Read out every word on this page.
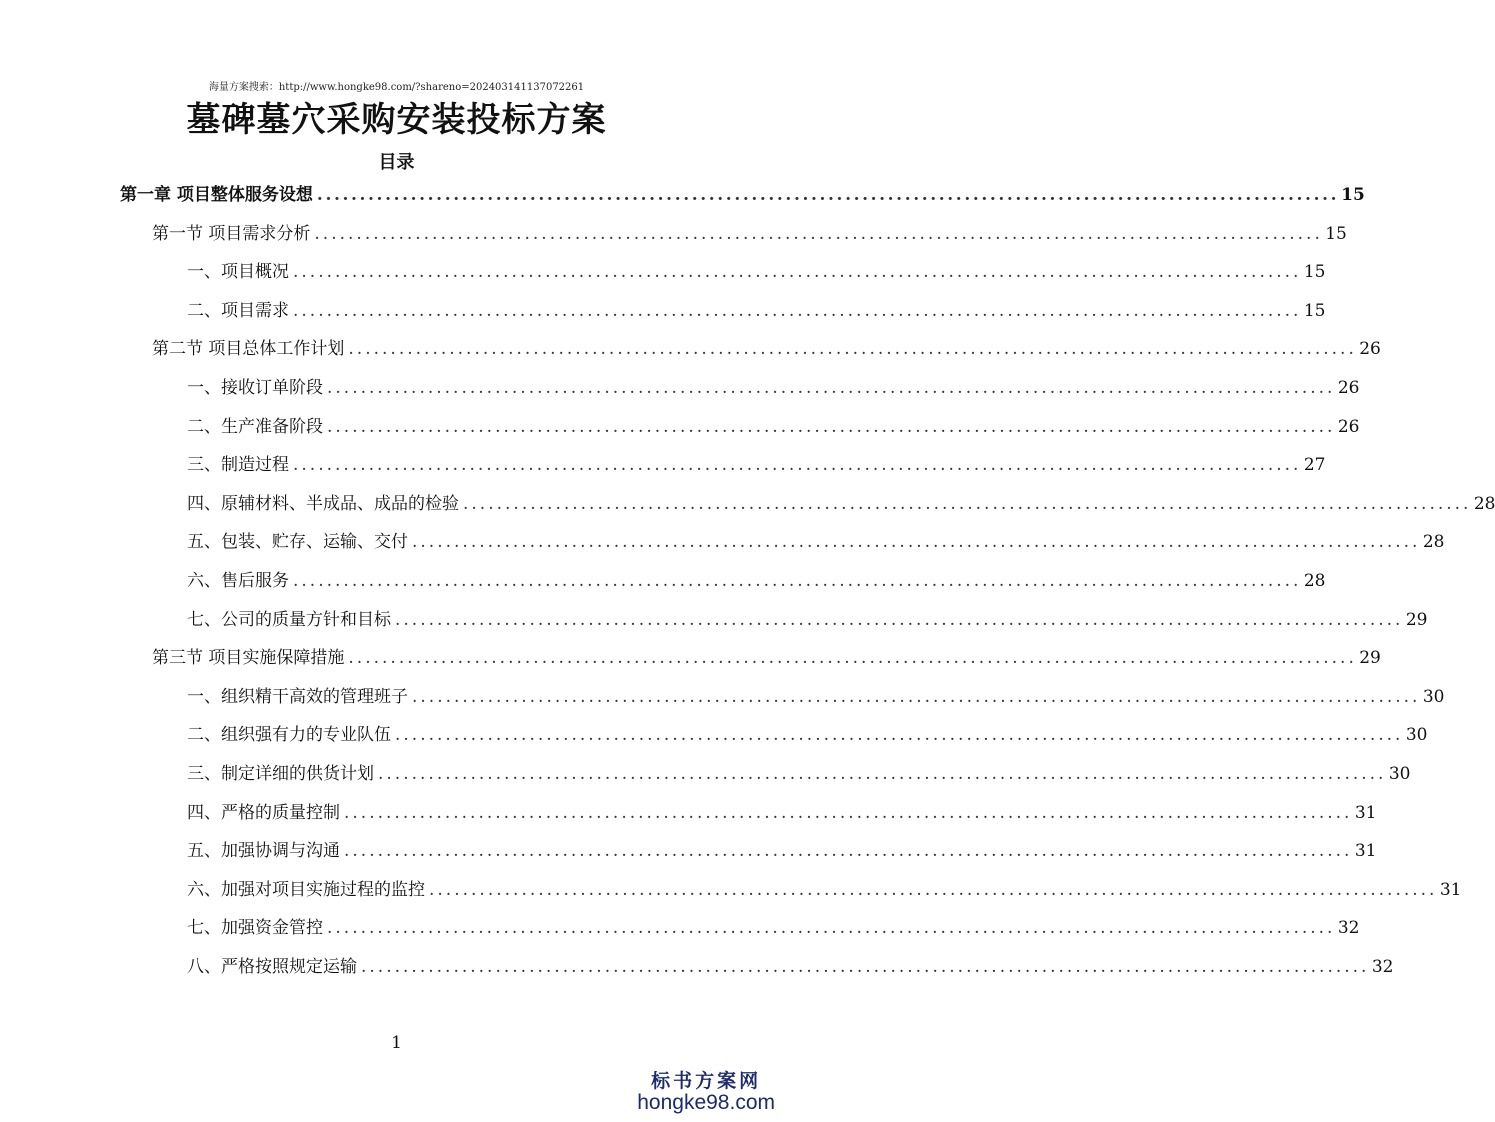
海量方案搜索：http://www.hongke98.com/?shareno=202403141137072261
墓碑墓穴采购安装投标方案
目录
第一章 项目整体服务设想 ........................................................................................................................ 15
第一节 项目需求分析 ........................................................................................................................ 15
一、项目概况 ........................................................................................................................ 15
二、项目需求 ........................................................................................................................ 15
第二节 项目总体工作计划 ........................................................................................................................ 26
一、接收订单阶段 ........................................................................................................................ 26
二、生产准备阶段 ........................................................................................................................ 26
三、制造过程 ........................................................................................................................ 27
四、原辅材料、半成品、成品的检验 ........................................................................................................................ 28
五、包装、贮存、运输、交付 ........................................................................................................................ 28
六、售后服务 ........................................................................................................................ 28
七、公司的质量方针和目标 ........................................................................................................................ 29
第三节 项目实施保障措施 ........................................................................................................................ 29
一、组织精干高效的管理班子 ........................................................................................................................ 30
二、组织强有力的专业队伍 ........................................................................................................................ 30
三、制定详细的供货计划 ........................................................................................................................ 30
四、严格的质量控制 ........................................................................................................................ 31
五、加强协调与沟通 ........................................................................................................................ 31
六、加强对项目实施过程的监控 ........................................................................................................................ 31
七、加强资金管控 ........................................................................................................................ 32
八、严格按照规定运输 ........................................................................................................................ 32
1
标书方案网
hongke98.com
